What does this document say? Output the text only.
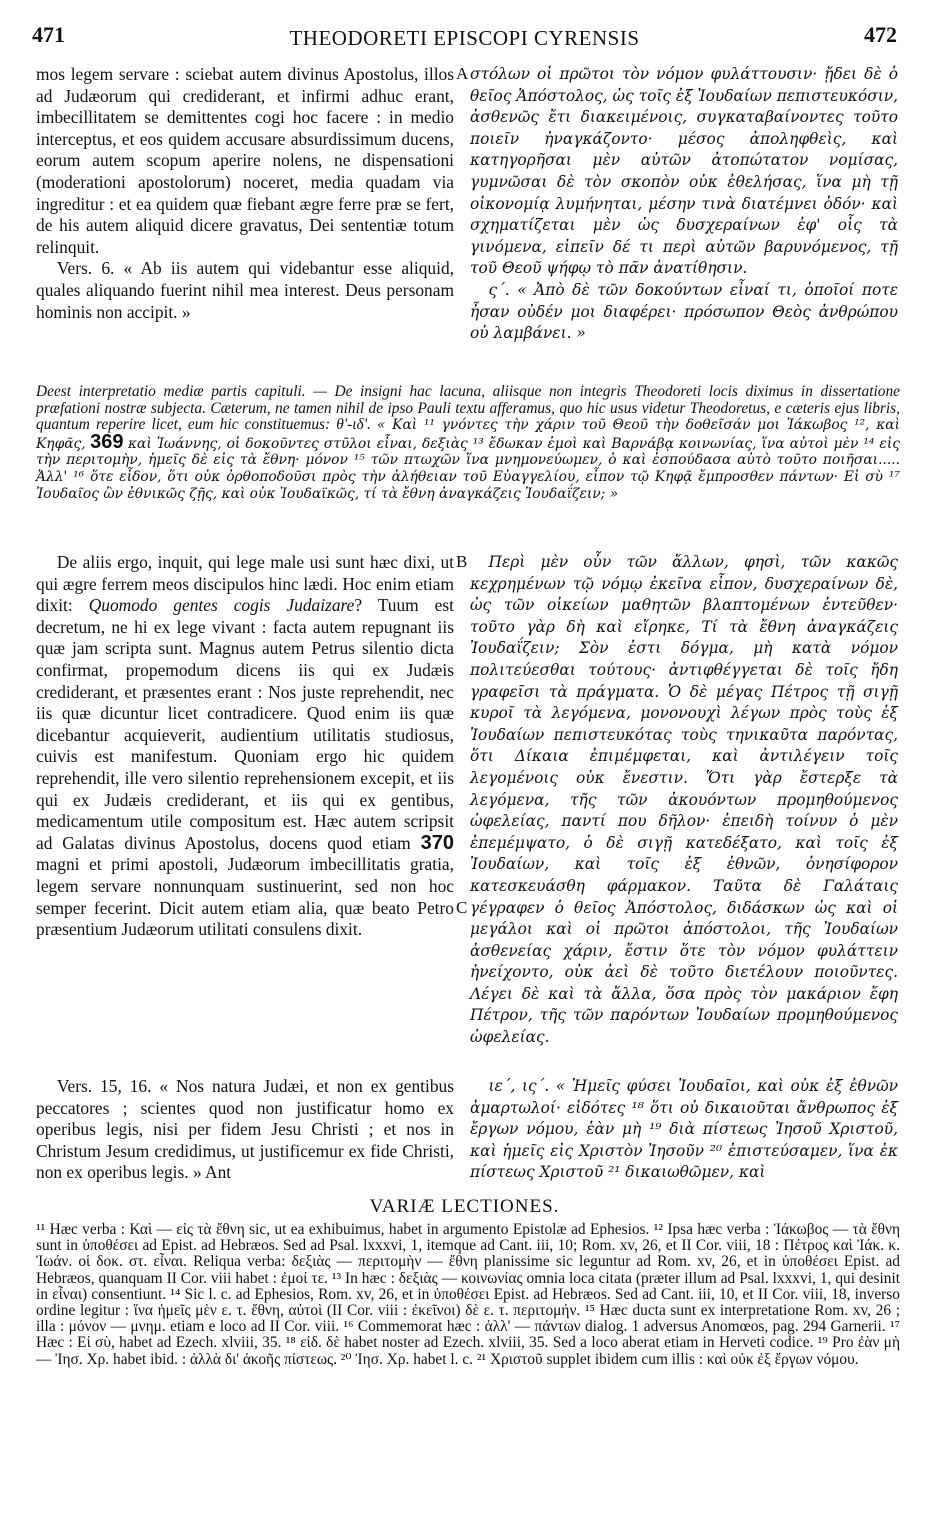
471	THEODORETI EPISCOPI CYRENSIS	472

mos legem servare : sciebat autem divinus Apostolus, illos ad Judæorum qui crediderant, et infirmi adhuc erant, imbecillitatem se demittentes cogi hoc facere : in medio interceptus, et eos quidem accusare absurdissimum ducens, eorum autem scopum aperire nolens, ne dispensationi (moderationi apostolorum) noceret, media quadam via ingreditur : et ea quidem quæ fiebant ægre ferre præ se fert, de his autem aliquid dicere gravatus, Dei sententiæ totum relinquit.

Vers. 6. « Ab iis autem qui videbantur esse aliquid, quales aliquando fuerint nihil mea interest. Deus personam hominis non accipit. »

A στόλων οἱ πρῶτοι τὸν νόμον φυλάττουσιν· ᾔδει δὲ ὁ θεῖος Ἀπόστολος, ὡς τοῖς ἐξ Ἰουδαίων πεπιστευκόσιν, ἀσθενῶς ἔτι διακειμένοις, συγκαταβαίνοντες τοῦτο ποιεῖν ἠναγκάζοντο· μέσος ἀποληφθεὶς, καὶ κατηγορῆσαι μὲν αὐτῶν ἀτοπώτατον νομίσας, γυμνῶσαι δὲ τὸν σκοπὸν οὐκ ἐθελήσας, ἵνα μὴ τῇ οἰκονομίᾳ λυμήνηται, μέσην τινὰ διατέμνει ὁδόν· καὶ σχηματίζεται μὲν ὡς δυσχεραίνων ἐφ' οἷς τὰ γινόμενα, εἰπεῖν δέ τι περὶ αὐτῶν βαρυνόμενος, τῇ τοῦ Θεοῦ ψήφῳ τὸ πᾶν ἀνατίθησιν.

ς΄. « Ἀπὸ δὲ τῶν δοκούντων εἶναί τι, ὁποῖοί ποτε ἦσαν οὐδέν μοι διαφέρει· πρόσωπον Θεὸς ἀνθρώπου οὐ λαμβάνει. »

Deest interpretatio mediæ partis capituli. — De insigni hac lacuna, aliisque non integris Theodoreti locis diximus in dissertatione præfationi nostræ subjecta. Cæterum, ne tamen nihil de ipso Pauli textu afferamus, quo hic usus videtur Theodoretus, e cæteris ejus libris, quantum reperire licet, eum hic constituemus: θ'-ιδ'. « Καὶ ¹¹ γνόντες τὴν χάριν τοῦ Θεοῦ τὴν δοθεῖσάν μοι Ἰάκωβος ¹², καὶ Κηφᾶς, 369 καὶ Ἰωάννης, οἱ δοκοῦντες στῦλοι εἶναι, δεξιὰς ¹³ ἔδωκαν ἐμοὶ καὶ Βαρνάβᾳ κοινωνίας, ἵνα αὐτοὶ μὲν ¹⁴ εἰς τὴν περιτομὴν, ἡμεῖς δὲ εἰς τὰ ἔθνη· μόνον ¹⁵ τῶν πτωχῶν ἵνα μνημονεύωμεν, ὁ καὶ ἐσπούδασα αὐτὸ τοῦτο ποιῆσαι..... Ἀλλ' ¹⁶ ὅτε εἶδον, ὅτι οὐκ ὀρθοποδοῦσι πρὸς τὴν ἀλήθειαν τοῦ Εὐαγγελίου, εἶπον τῷ Κηφᾷ ἔμπροσθεν πάντων· Εἰ σὺ ¹⁷ Ἰουδαῖος ὢν ἐθνικῶς ζῇς, καὶ οὐκ Ἰουδαϊκῶς, τί τὰ ἔθνη ἀναγκάζεις Ἰουδαΐζειν; »

De aliis ergo, inquit, qui lege male usi sunt hæc dixi, ut qui ægre ferrem meos discipulos hinc lædi. Hoc enim etiam dixit: Quomodo gentes cogis Judaizare? Tuum est decretum, ne hi ex lege vivant : facta autem repugnant iis quæ jam scripta sunt. Magnus autem Petrus silentio dicta confirmat, propemodum dicens iis qui ex Judæis crediderant, et præsentes erant : Nos juste reprehendit, nec iis quæ dicuntur licet contradicere. Quod enim iis quæ dicebantur acquieverit, audientium utilitatis studiosus, cuivis est manifestum. Quoniam ergo hic quidem reprehendit, ille vero silentio reprehensionem excepit, et iis qui ex Judæis crediderant, et iis qui ex gentibus, medicamentum utile compositum est. Hæc autem scripsit ad Galatas divinus Apostolus, docens quod etiam 370 magni et primi apostoli, Judæorum imbecillitatis gratia, legem servare nonnunquam sustinuerint, sed non hoc semper fecerint. Dicit autem etiam alia, quæ beato Petro præsentium Judæorum utilitati consulens dixit.

B
C

Περὶ μὲν οὖν τῶν ἄλλων, φησὶ, τῶν κακῶς κεχρημένων τῷ νόμῳ ἐκεῖνα εἶπον, δυσχεραίνων δὲ, ὡς τῶν οἰκείων μαθητῶν βλαπτομένων ἐντεῦθεν· τοῦτο γὰρ δὴ καὶ εἴρηκε, Τί τὰ ἔθνη ἀναγκάζεις Ἰουδαΐζειν; Σὸν ἐστι δόγμα, μὴ κατὰ νόμον πολιτεύεσθαι τούτους· ἀντιφθέγγεται δὲ τοῖς ἤδη γραφεῖσι τὰ πράγματα. Ὁ δὲ μέγας Πέτρος τῇ σιγῇ κυροῖ τὰ λεγόμενα, μονονουχὶ λέγων πρὸς τοὺς ἐξ Ἰουδαίων πεπιστευκότας τοὺς τηνικαῦτα παρόντας, ὅτι Δίκαια ἐπιμέμφεται, καὶ ἀντιλέγειν τοῖς λεγομένοις οὐκ ἔνεστιν. Ὅτι γὰρ ἔστερξε τὰ λεγόμενα, τῆς τῶν ἀκουόντων προμηθούμενος ὠφελείας, παντί που δῆλον· ἐπειδὴ τοίνυν ὁ μὲν ἐπεμέμψατο, ὁ δὲ σιγῇ κατεδέξατο, καὶ τοῖς ἐξ Ἰουδαίων, καὶ τοῖς ἐξ ἐθνῶν, ὀνησίφορον κατεσκευάσθη φάρμακον. Ταῦτα δὲ Γαλάταις γέγραφεν ὁ θεῖος Ἀπόστολος, διδάσκων ὡς καὶ οἱ μεγάλοι καὶ οἱ πρῶτοι ἀπόστολοι, τῆς Ἰουδαίων ἀσθενείας χάριν, ἔστιν ὅτε τὸν νόμον φυλάττειν ἠνείχοντο, οὐκ ἀεὶ δὲ τοῦτο διετέλουν ποιοῦντες. Λέγει δὲ καὶ τὰ ἄλλα, ὅσα πρὸς τὸν μακάριον ἔφη Πέτρον, τῆς τῶν παρόντων Ἰουδαίων προμηθούμενος ὠφελείας.

Vers. 15, 16. « Nos natura Judæi, et non ex gentibus peccatores ; scientes quod non justificatur homo ex operibus legis, nisi per fidem Jesu Christi ; et nos in Christum Jesum credidimus, ut justificemur ex fide Christi, non ex operibus legis. » Ant

ιε΄, ις΄. « Ἡμεῖς φύσει Ἰουδαῖοι, καὶ οὐκ ἐξ ἐθνῶν ἁμαρτωλοί· εἰδότες ¹⁸ ὅτι οὐ δικαιοῦται ἄνθρωπος ἐξ ἔργων νόμου, ἐὰν μὴ ¹⁹ διὰ πίστεως Ἰησοῦ Χριστοῦ, καὶ ἡμεῖς εἰς Χριστὸν Ἰησοῦν ²⁰ ἐπιστεύσαμεν, ἵνα ἐκ πίστεως Χριστοῦ ²¹ δικαιωθῶμεν, καὶ

VARIÆ LECTIONES.
¹¹ Hæc verba : Καὶ — εἰς τὰ ἔθνη sic, ut ea exhibuimus, habet in argumento Epistolæ ad Ephesios. ¹² Ipsa hæc verba : Ἰάκωβος — τὰ ἔθνη sunt in ὑποθέσει ad Epist. ad Hebræos. Sed ad Psal. lxxxvi, 1, itemque ad Cant. iii, 10; Rom. xv, 26, et II Cor. viii, 18 : Πέτρος καὶ Ἰάκ. κ. Ἰωάν. οἱ δοκ. στ. εἶναι. Reliqua verba: δεξιὰς — περιτομὴν — ἔθνη planissime sic leguntur ad Rom. xv, 26, et in ὑποθέσει Epist. ad Hebræos, quanquam II Cor. viii habet : ἐμοί τε. ¹³ In hæc : δεξιὰς — κοινωνίας omnia loca citata (præter illum ad Psal. lxxxvi, 1, qui desinit in εἶναι) consentiunt. ¹⁴ Sic l. c. ad Ephesios, Rom. xv, 26, et in ὑποθέσει Epist. ad Hebræos. Sed ad Cant. iii, 10, et II Cor. viii, 18, inverso ordine legitur : ἵνα ἡμεῖς μὲν ε. τ. ἔθνη, αὐτοὶ (II Cor. viii : ἐκεῖνοι) δὲ ε. τ. περιτομήν. ¹⁵ Hæc ducta sunt ex interpretatione Rom. xv, 26 ; illa : μόνον — μνημ. etiam e loco ad II Cor. viii. ¹⁶ Commemorat hæc : ἀλλ' — πάντων dialog. 1 adversus Anomœos, pag. 294 Garnerii. ¹⁷ Hæc : Εἰ σὺ, habet ad Ezech. xlviii, 35. ¹⁸ εἰδ. δὲ habet noster ad Ezech. xlviii, 35. Sed a loco aberat etiam in Herveti codice. ¹⁹ Pro ἐὰν μὴ — Ἰησ. Χρ. habet ibid. : ἀλλὰ δι' ἀκοῆς πίστεως. ²⁰ Ἰησ. Χρ. habet l. c. ²¹ Χριστοῦ supplet ibidem cum illis : καὶ οὐκ ἐξ ἔργων νόμου.
